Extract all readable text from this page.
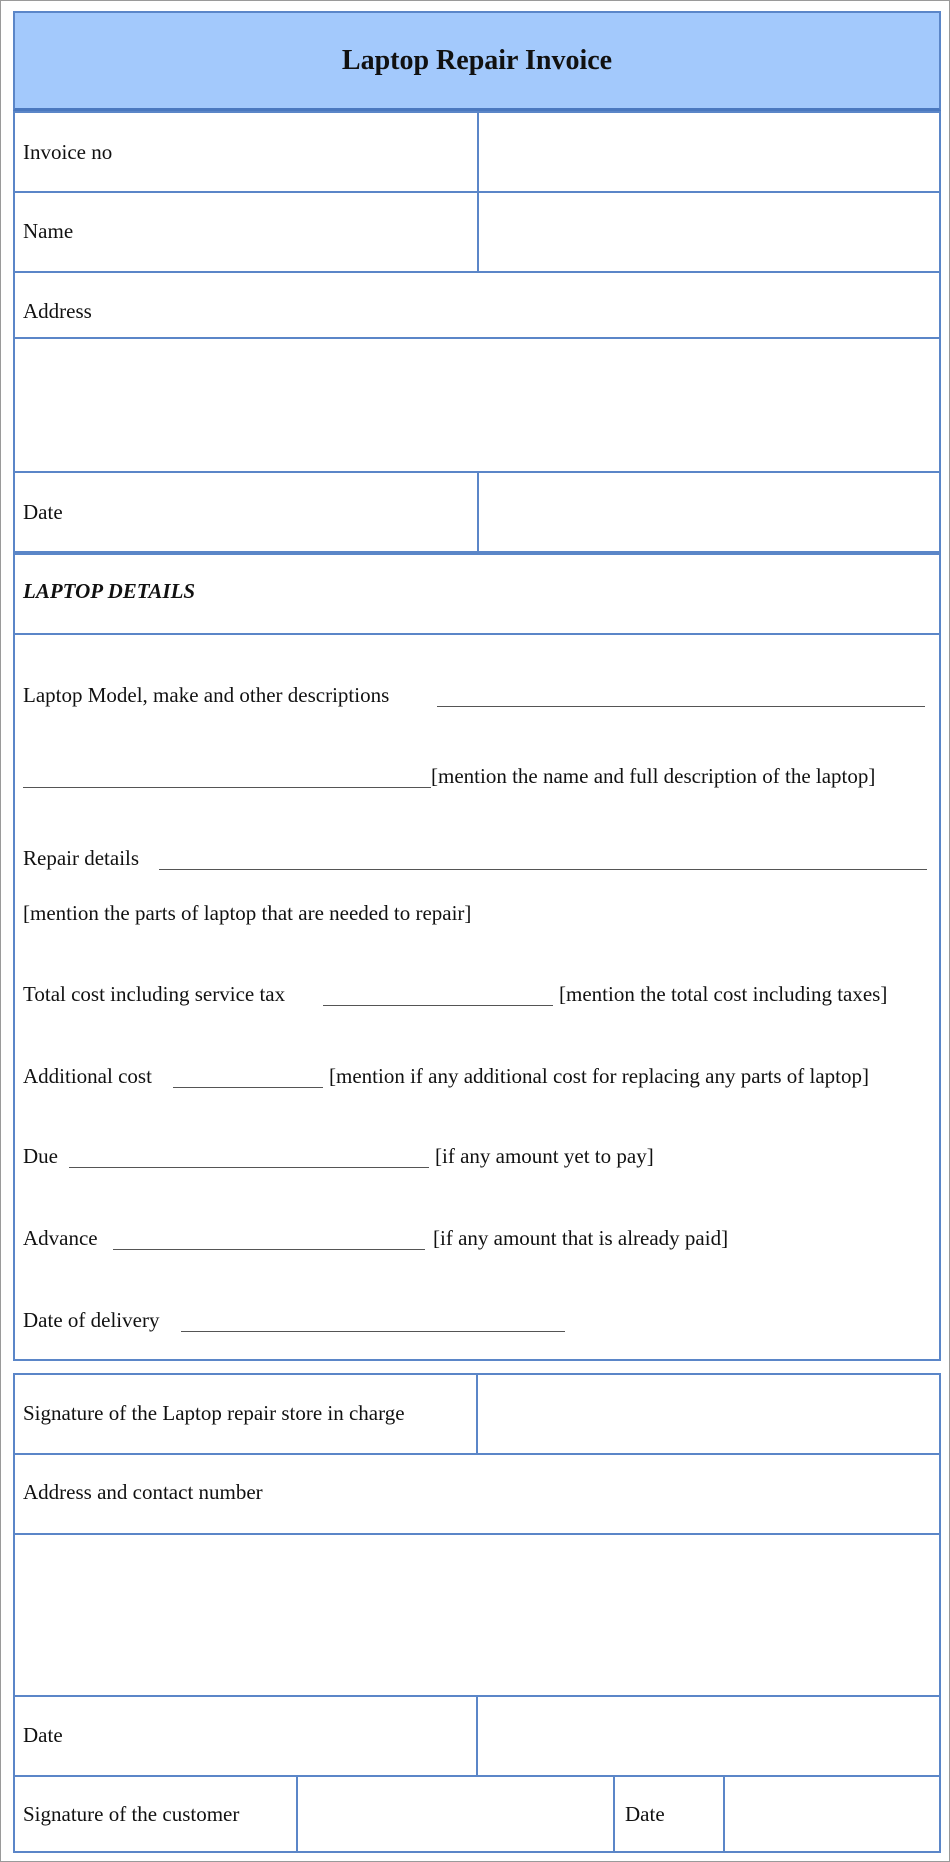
Laptop Repair Invoice
Invoice no
Name
Address
Date
LAPTOP DETAILS
Laptop Model, make and other descriptions
[mention the name and full description of the laptop]
Repair details
[mention the parts of laptop that are needed to repair]
Total cost including service tax	[mention the total cost including taxes]
Additional cost	[mention if any additional cost for replacing any parts of laptop]
Due	[if any amount yet to pay]
Advance	[if any amount that is already paid]
Date of delivery
Signature of the Laptop repair store in charge
Address and contact number
Date
Signature of the customer	Date
